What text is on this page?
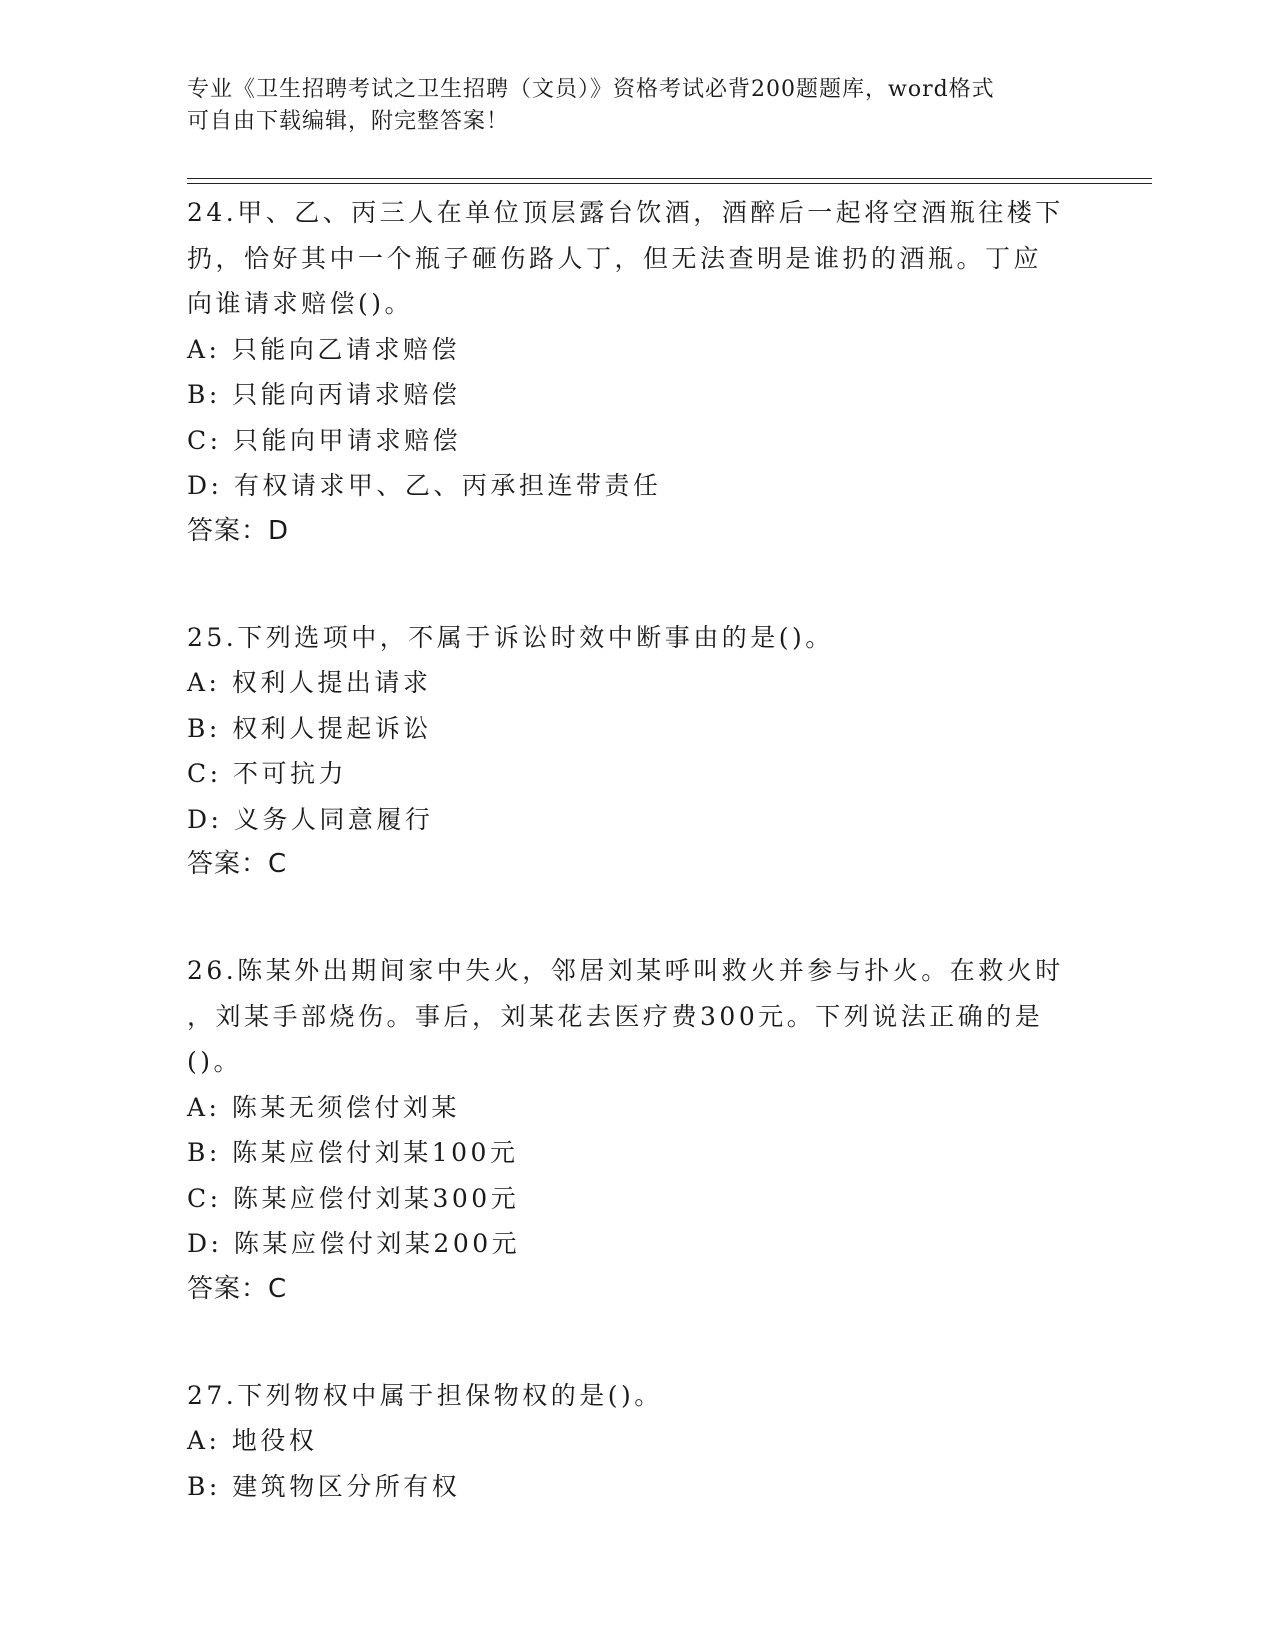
专业《卫生招聘考试之卫生招聘（文员）》资格考试必背200题题库，word格式
可自由下载编辑，附完整答案！
24.甲、乙、丙三人在单位顶层露台饮酒，酒醉后一起将空酒瓶往楼下
扔，恰好其中一个瓶子砸伤路人丁，但无法查明是谁扔的酒瓶。丁应
向谁请求赔偿()。
A: 只能向乙请求赔偿
B: 只能向丙请求赔偿
C: 只能向甲请求赔偿
D: 有权请求甲、乙、丙承担连带责任
答案：D
25.下列选项中，不属于诉讼时效中断事由的是()。
A: 权利人提出请求
B: 权利人提起诉讼
C: 不可抗力
D: 义务人同意履行
答案：C
26.陈某外出期间家中失火，邻居刘某呼叫救火并参与扑火。在救火时
，刘某手部烧伤。事后，刘某花去医疗费300元。下列说法正确的是
()。
A: 陈某无须偿付刘某
B: 陈某应偿付刘某100元
C: 陈某应偿付刘某300元
D: 陈某应偿付刘某200元
答案：C
27.下列物权中属于担保物权的是()。
A: 地役权
B: 建筑物区分所有权
